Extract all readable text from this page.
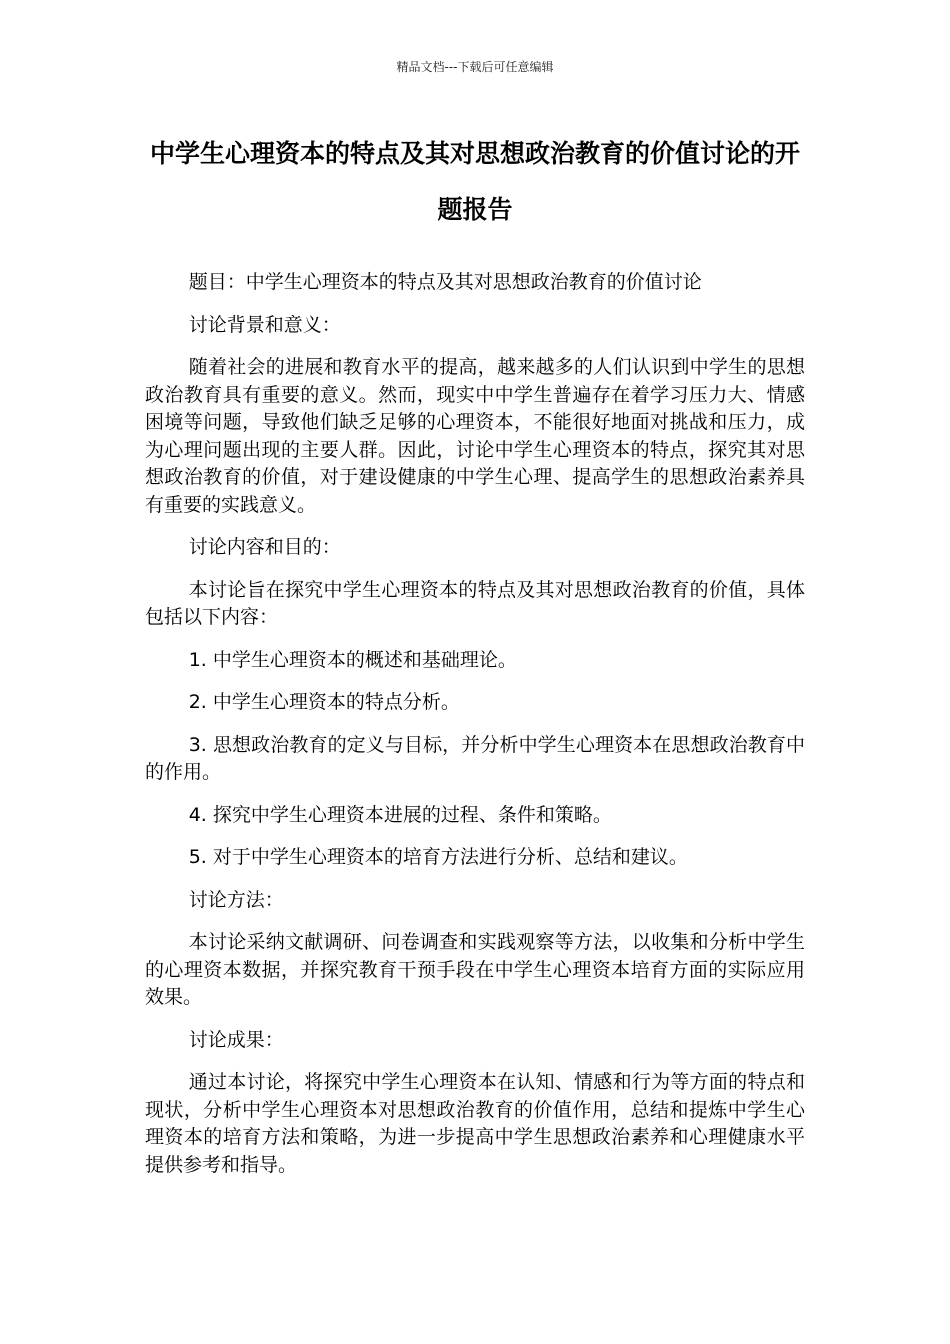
精品文档---下载后可任意编辑
中学生心理资本的特点及其对思想政治教育的价值讨论的开题报告

题目：中学生心理资本的特点及其对思想政治教育的价值讨论

讨论背景和意义：

随着社会的进展和教育水平的提高，越来越多的人们认识到中学生的思想政治教育具有重要的意义。然而，现实中中学生普遍存在着学习压力大、情感困境等问题，导致他们缺乏足够的心理资本，不能很好地面对挑战和压力，成为心理问题出现的主要人群。因此，讨论中学生心理资本的特点，探究其对思想政治教育的价值，对于建设健康的中学生心理、提高学生的思想政治素养具有重要的实践意义。

讨论内容和目的：

本讨论旨在探究中学生心理资本的特点及其对思想政治教育的价值，具体包括以下内容：

1. 中学生心理资本的概述和基础理论。

2. 中学生心理资本的特点分析。

3. 思想政治教育的定义与目标，并分析中学生心理资本在思想政治教育中的作用。

4. 探究中学生心理资本进展的过程、条件和策略。

5. 对于中学生心理资本的培育方法进行分析、总结和建议。

讨论方法：

本讨论采纳文献调研、问卷调查和实践观察等方法，以收集和分析中学生的心理资本数据，并探究教育干预手段在中学生心理资本培育方面的实际应用效果。

讨论成果：

通过本讨论，将探究中学生心理资本在认知、情感和行为等方面的特点和现状，分析中学生心理资本对思想政治教育的价值作用，总结和提炼中学生心理资本的培育方法和策略，为进一步提高中学生思想政治素养和心理健康水平提供参考和指导。
